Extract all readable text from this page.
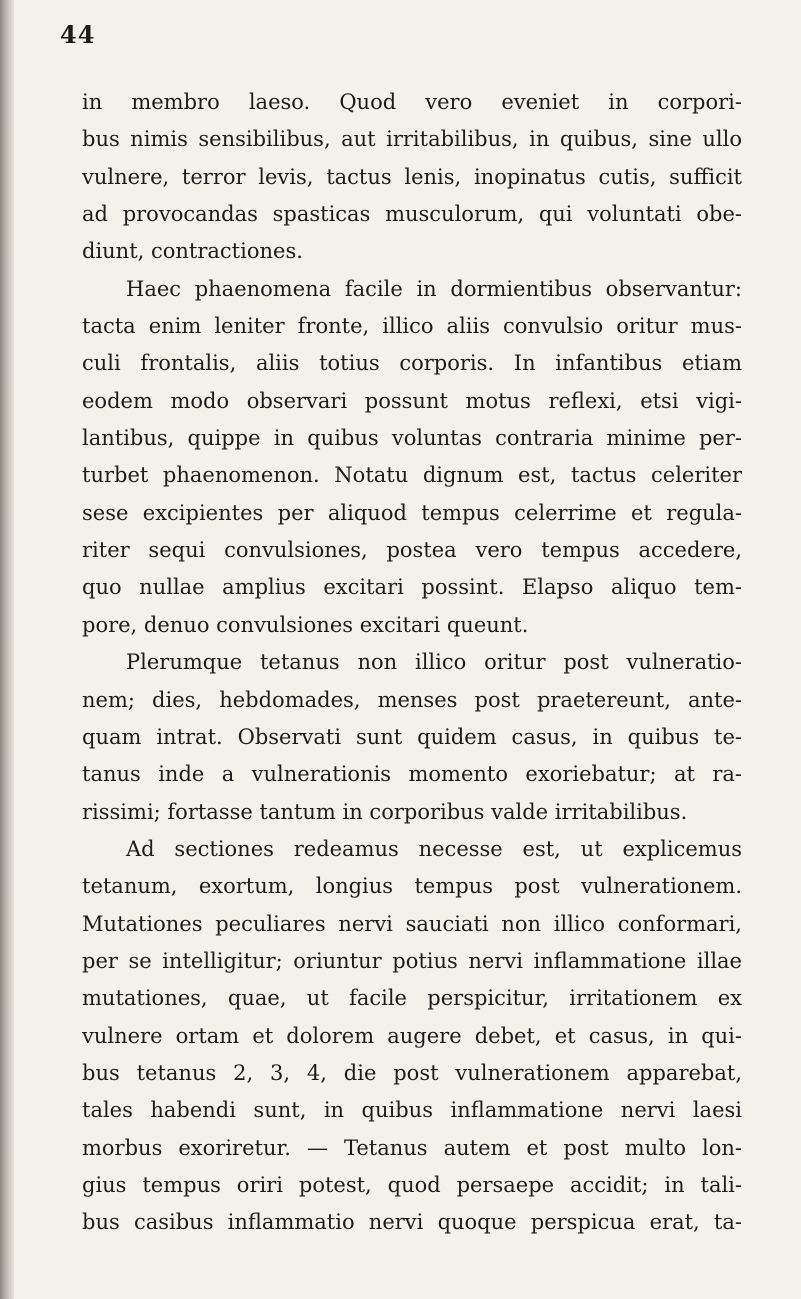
44
in membro laeso. Quod vero eveniet in corpori-
bus nimis sensibilibus, aut irritabilibus, in quibus, sine ullo
vulnere, terror levis, tactus lenis, inopinatus cutis, sufficit
ad provocandas spasticas musculorum, qui voluntati obe-
diunt, contractiones.
Haec phaenomena facile in dormientibus observantur:
tacta enim leniter fronte, illico aliis convulsio oritur mus-
culi frontalis, aliis totius corporis. In infantibus etiam
eodem modo observari possunt motus reflexi, etsi vigi-
lantibus, quippe in quibus voluntas contraria minime per-
turbet phaenomenon. Notatu dignum est, tactus celeriter
sese excipientes per aliquod tempus celerrime et regula-
riter sequi convulsiones, postea vero tempus accedere,
quo nullae amplius excitari possint. Elapso aliquo tem-
pore, denuo convulsiones excitari queunt.
Plerumque tetanus non illico oritur post vulneratio-
nem; dies, hebdomades, menses post praetereunt, ante-
quam intrat. Observati sunt quidem casus, in quibus te-
tanus inde a vulnerationis momento exoriebatur; at ra-
rissimi; fortasse tantum in corporibus valde irritabilibus.
Ad sectiones redeamus necesse est, ut explicemus
tetanum, exortum, longius tempus post vulnerationem.
Mutationes peculiares nervi sauciati non illico conformari,
per se intelligitur; oriuntur potius nervi inflammatione illae
mutationes, quae, ut facile perspicitur, irritationem ex
vulnere ortam et dolorem augere debet, et casus, in qui-
bus tetanus 2, 3, 4, die post vulnerationem apparebat,
tales habendi sunt, in quibus inflammatione nervi laesi
morbus exoriretur. — Tetanus autem et post multo lon-
gius tempus oriri potest, quod persaepe accidit; in tali-
bus casibus inflammatio nervi quoque perspicua erat, ta-
